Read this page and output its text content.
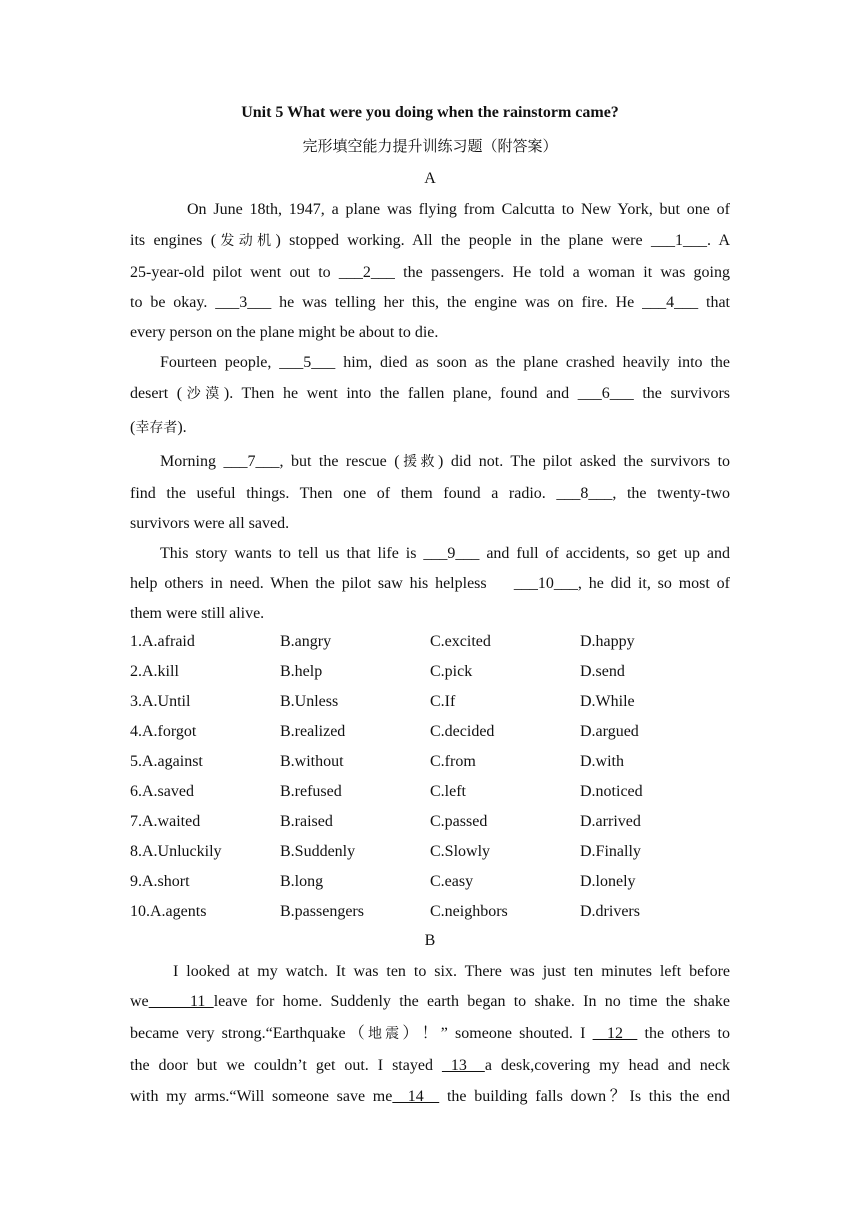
Unit 5 What were you doing when the rainstorm came?
完形填空能力提升训练习题（附答案）
A
On June 18th, 1947, a plane was flying from Calcutta to New York, but one of
its engines (发动机) stopped working. All the people in the plane were ___1___. A
25-year-old pilot went out to ___2___ the passengers. He told a woman it was going
to be okay. ___3___ he was telling her this, the engine was on fire. He ___4___ that
every person on the plane might be about to die.
Fourteen people, ___5___ him, died as soon as the plane crashed heavily into the
desert (沙漠). Then he went into the fallen plane, found and ___6___ the survivors
(幸存者).
Morning ___7___, but the rescue (援救) did not. The pilot asked the survivors to
find the useful things. Then one of them found a radio. ___8___, the twenty-two
survivors were all saved.
This story wants to tell us that life is ___9___ and full of accidents, so get up and
help others in need. When the pilot saw his helpless    ___10___, he did it, so most of
them were still alive.
1.A.afraid	B.angry	C.excited	D.happy
2.A.kill	B.help	C.pick	D.send
3.A.Until	B.Unless	C.If	D.While
4.A.forgot	B.realized	C.decided	D.argued
5.A.against	B.without	C.from	D.with
6.A.saved	B.refused	C.left	D.noticed
7.A.waited	B.raised	C.passed	D.arrived
8.A.Unluckily	B.Suddenly	C.Slowly	D.Finally
9.A.short	B.long	C.easy	D.lonely
10.A.agents	B.passengers	C.neighbors	D.drivers
B
I looked at my watch. It was ten to six. There was just ten minutes left before
we     11 leave for home. Suddenly the earth began to shake. In no time the shake
became very strong.“Earthquake（地震）！” someone shouted. I   12   the others to
the door but we couldn’t get out. I stayed  13  a desk,covering my head and neck
with my arms.“Will someone save me  14   the building falls down？Is this the end
